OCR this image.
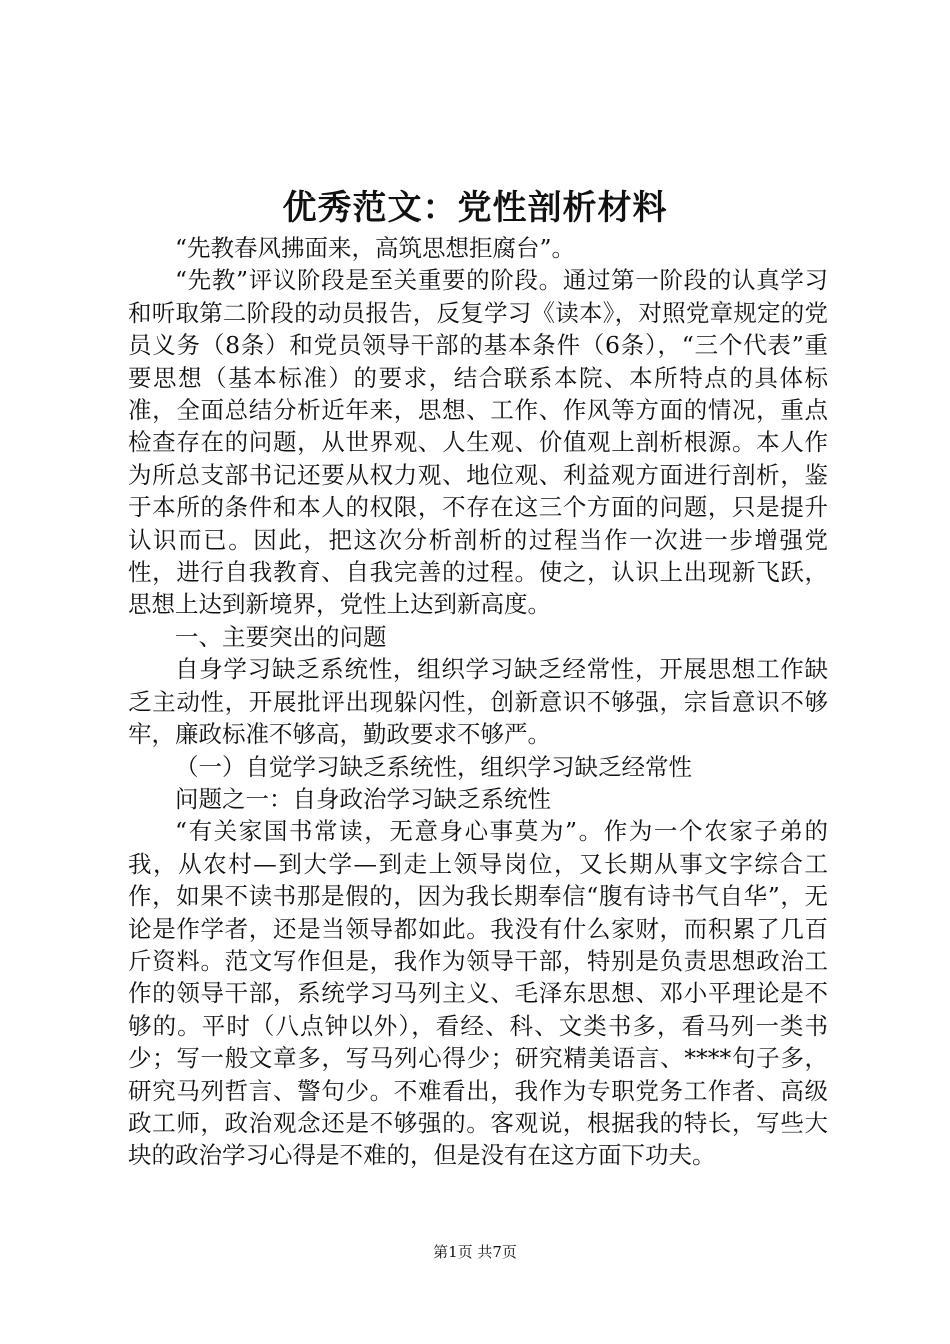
优秀范文：党性剖析材料

“先教春风拂面来，高筑思想拒腐台”。

“先教”评议阶段是至关重要的阶段。通过第一阶段的认真学习和听取第二阶段的动员报告，反复学习《读本》，对照党章规定的党员义务（8条）和党员领导干部的基本条件（6条），“三个代表”重要思想（基本标准）的要求，结合联系本院、本所特点的具体标准，全面总结分析近年来，思想、工作、作风等方面的情况，重点检查存在的问题，从世界观、人生观、价值观上剖析根源。本人作为所总支部书记还要从权力观、地位观、利益观方面进行剖析，鉴于本所的条件和本人的权限，不存在这三个方面的问题，只是提升认识而已。因此，把这次分析剖析的过程当作一次进一步增强党性，进行自我教育、自我完善的过程。使之，认识上出现新飞跃，思想上达到新境界，党性上达到新高度。

一、主要突出的问题

自身学习缺乏系统性，组织学习缺乏经常性，开展思想工作缺乏主动性，开展批评出现躲闪性，创新意识不够强，宗旨意识不够牢，廉政标准不够高，勤政要求不够严。

（一）自觉学习缺乏系统性，组织学习缺乏经常性

问题之一：自身政治学习缺乏系统性

“有关家国书常读，无意身心事莫为”。作为一个农家子弟的我，从农村—到大学—到走上领导岗位，又长期从事文字综合工作，如果不读书那是假的，因为我长期奉信“腹有诗书气自华”，无论是作学者，还是当领导都如此。我没有什么家财，而积累了几百斤资料。范文写作但是，我作为领导干部，特别是负责思想政治工作的领导干部，系统学习马列主义、毛泽东思想、邓小平理论是不够的。平时（八点钟以外），看经、科、文类书多，看马列一类书少；写一般文章多，写马列心得少；研究精美语言、****句子多，研究马列哲言、警句少。不难看出，我作为专职党务工作者、高级政工师，政治观念还是不够强的。客观说，根据我的特长，写些大块的政治学习心得是不难的，但是没有在这方面下功夫。

第1页 共7页
